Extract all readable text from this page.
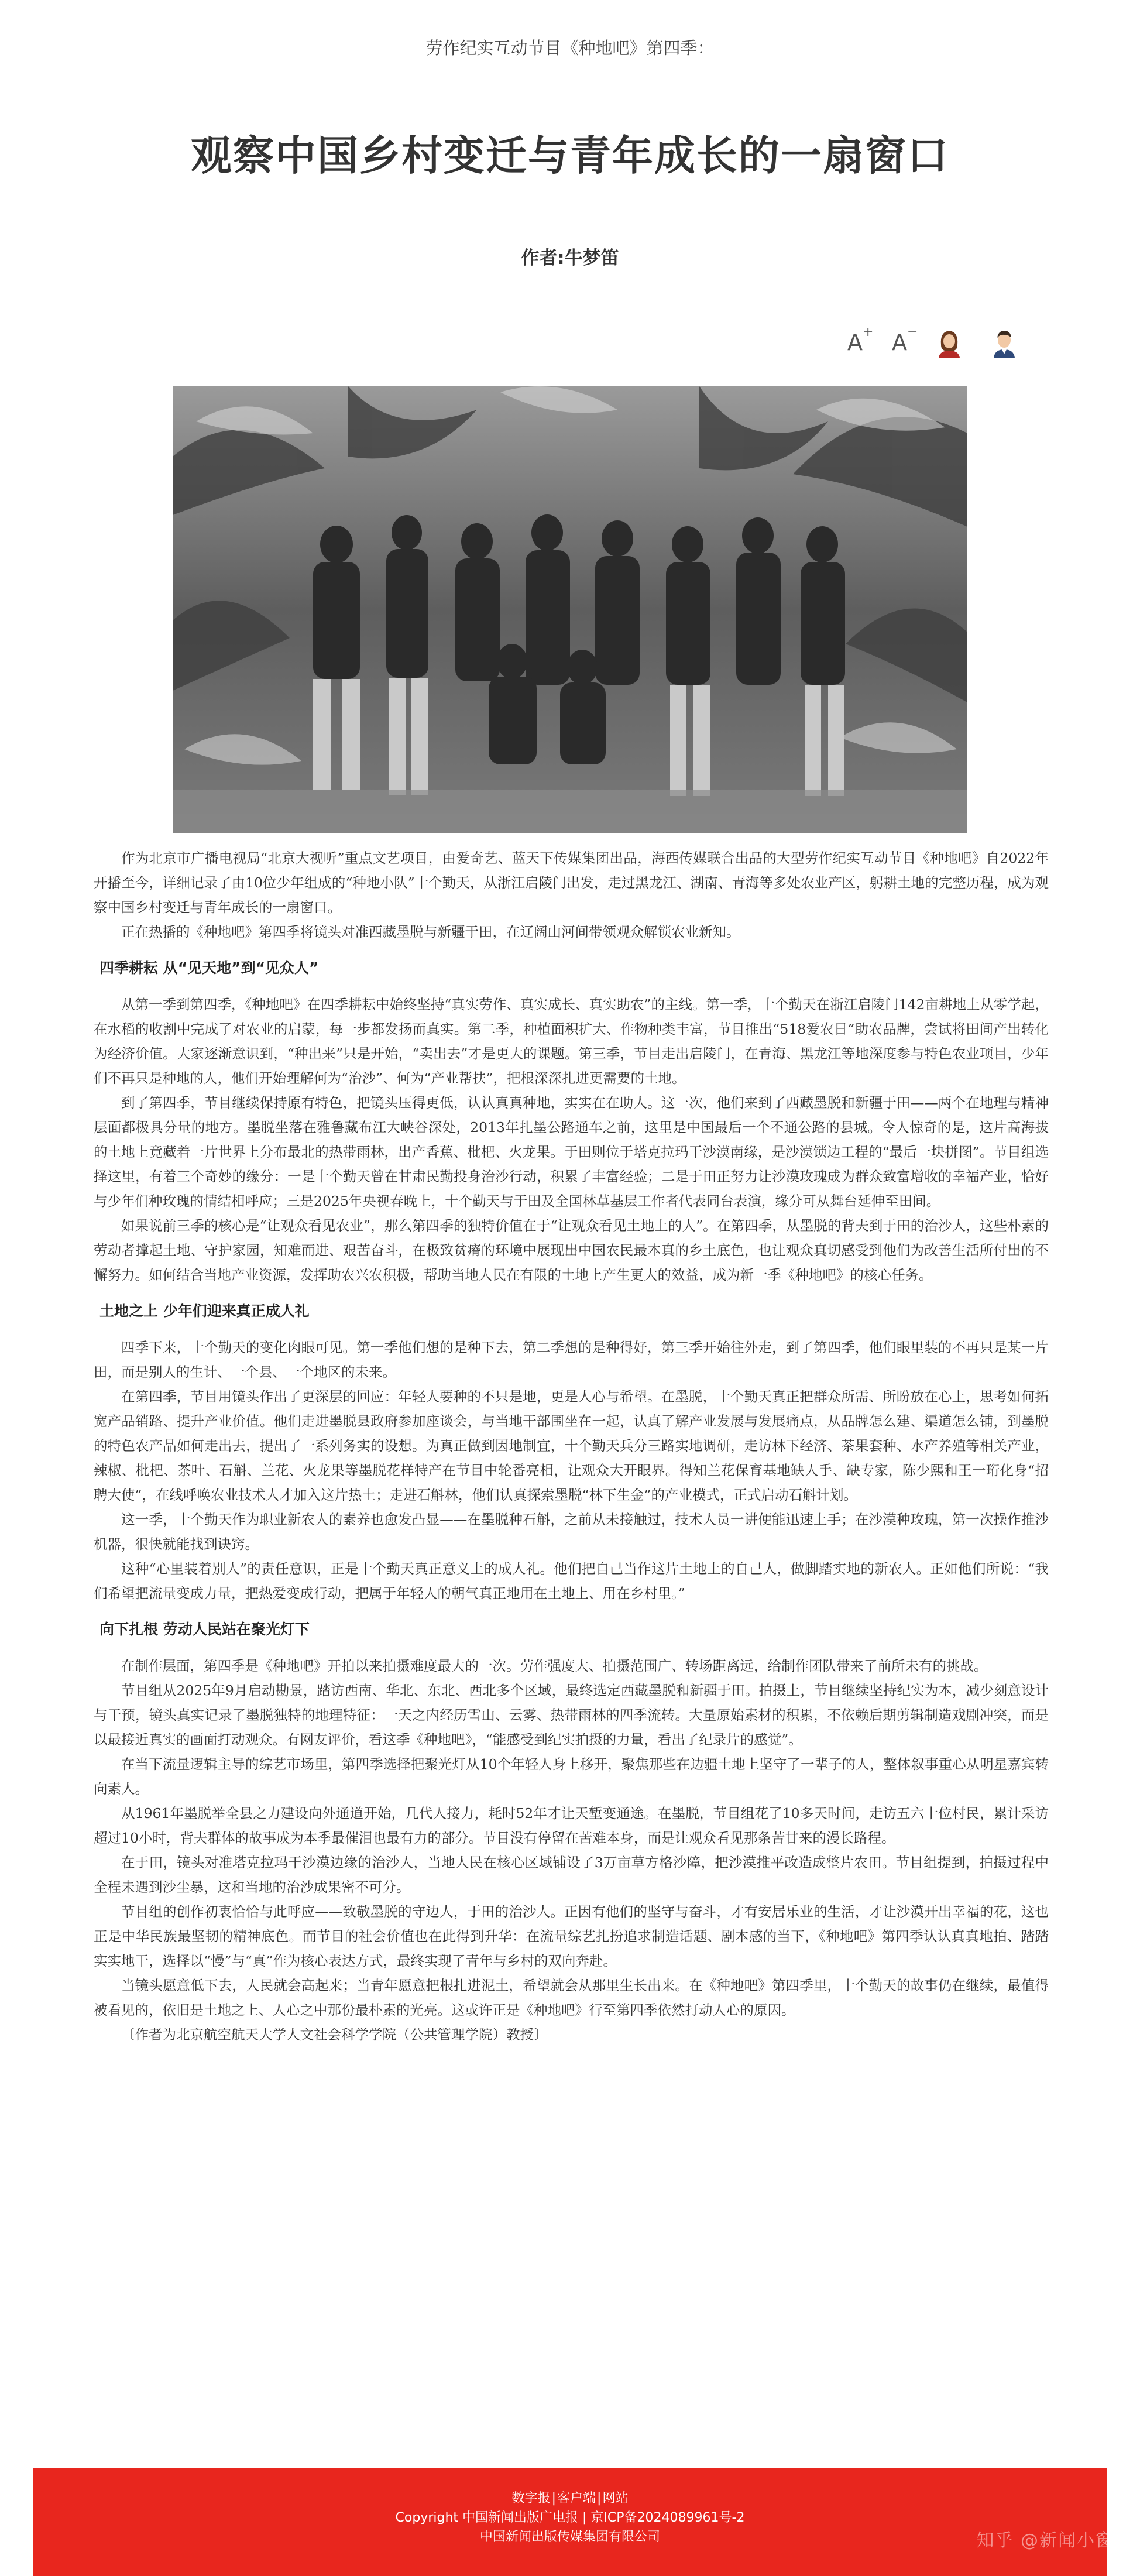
劳作纪实互动节目《种地吧》第四季：
观察中国乡村变迁与青年成长的一扇窗口
作者:牛梦笛
A + A −

作为北京市广播电视局“北京大视听”重点文艺项目，由爱奇艺、蓝天下传媒集团出品，海西传媒联合出品的大型劳作纪实互动节目《种地吧》自2022年开播至今，详细记录了由10位少年组成的“种地小队”十个勤天，从浙江启陵门出发，走过黑龙江、湖南、青海等多处农业产区，躬耕土地的完整历程，成为观察中国乡村变迁与青年成长的一扇窗口。

正在热播的《种地吧》第四季将镜头对准西藏墨脱与新疆于田，在辽阔山河间带领观众解锁农业新知。

四季耕耘 从“见天地”到“见众人”

从第一季到第四季，《种地吧》在四季耕耘中始终坚持“真实劳作、真实成长、真实助农”的主线。第一季，十个勤天在浙江启陵门142亩耕地上从零学起，在水稻的收割中完成了对农业的启蒙，每一步都发扬而真实。第二季，种植面积扩大、作物种类丰富，节目推出“518爱农日”助农品牌，尝试将田间产出转化为经济价值。大家逐渐意识到，“种出来”只是开始，“卖出去”才是更大的课题。第三季，节目走出启陵门，在青海、黑龙江等地深度参与特色农业项目，少年们不再只是种地的人，他们开始理解何为“治沙”、何为“产业帮扶”，把根深深扎进更需要的土地。

到了第四季，节目继续保持原有特色，把镜头压得更低，认认真真种地，实实在在助人。这一次，他们来到了西藏墨脱和新疆于田——两个在地理与精神层面都极具分量的地方。墨脱坐落在雅鲁藏布江大峡谷深处，2013年扎墨公路通车之前，这里是中国最后一个不通公路的县城。令人惊奇的是，这片高海拔的土地上竟藏着一片世界上分布最北的热带雨林，出产香蕉、枇杷、火龙果。于田则位于塔克拉玛干沙漠南缘，是沙漠锁边工程的“最后一块拼图”。节目组选择这里，有着三个奇妙的缘分：一是十个勤天曾在甘肃民勤投身治沙行动，积累了丰富经验；二是于田正努力让沙漠玫瑰成为群众致富增收的幸福产业，恰好与少年们种玫瑰的情结相呼应；三是2025年央视春晚上，十个勤天与于田及全国林草基层工作者代表同台表演，缘分可从舞台延伸至田间。

如果说前三季的核心是“让观众看见农业”，那么第四季的独特价值在于“让观众看见土地上的人”。在第四季，从墨脱的背夫到于田的治沙人，这些朴素的劳动者撑起土地、守护家园，知难而进、艰苦奋斗，在极致贫瘠的环境中展现出中国农民最本真的乡土底色，也让观众真切感受到他们为改善生活所付出的不懈努力。如何结合当地产业资源，发挥助农兴农积极，帮助当地人民在有限的土地上产生更大的效益，成为新一季《种地吧》的核心任务。

土地之上 少年们迎来真正成人礼

四季下来，十个勤天的变化肉眼可见。第一季他们想的是种下去，第二季想的是种得好，第三季开始往外走，到了第四季，他们眼里装的不再只是某一片田，而是别人的生计、一个县、一个地区的未来。

在第四季，节目用镜头作出了更深层的回应：年轻人要种的不只是地，更是人心与希望。在墨脱，十个勤天真正把群众所需、所盼放在心上，思考如何拓宽产品销路、提升产业价值。他们走进墨脱县政府参加座谈会，与当地干部围坐在一起，认真了解产业发展与发展痛点，从品牌怎么建、渠道怎么铺，到墨脱的特色农产品如何走出去，提出了一系列务实的设想。为真正做到因地制宜，十个勤天兵分三路实地调研，走访林下经济、茶果套种、水产养殖等相关产业，辣椒、枇杷、茶叶、石斛、兰花、火龙果等墨脱花样特产在节目中轮番亮相，让观众大开眼界。得知兰花保育基地缺人手、缺专家，陈少熙和王一珩化身“招聘大使”，在线呼唤农业技术人才加入这片热土；走进石斛林，他们认真探索墨脱“林下生金”的产业模式，正式启动石斛计划。

这一季，十个勤天作为职业新农人的素养也愈发凸显——在墨脱种石斛，之前从未接触过，技术人员一讲便能迅速上手；在沙漠种玫瑰，第一次操作推沙机器，很快就能找到诀窍。

这种“心里装着别人”的责任意识，正是十个勤天真正意义上的成人礼。他们把自己当作这片土地上的自己人，做脚踏实地的新农人。正如他们所说：“我们希望把流量变成力量，把热爱变成行动，把属于年轻人的朝气真正地用在土地上、用在乡村里。”

向下扎根 劳动人民站在聚光灯下

在制作层面，第四季是《种地吧》开拍以来拍摄难度最大的一次。劳作强度大、拍摄范围广、转场距离远，给制作团队带来了前所未有的挑战。

节目组从2025年9月启动勘景，踏访西南、华北、东北、西北多个区域，最终选定西藏墨脱和新疆于田。拍摄上，节目继续坚持纪实为本，减少刻意设计与干预，镜头真实记录了墨脱独特的地理特征：一天之内经历雪山、云雾、热带雨林的四季流转。大量原始素材的积累，不依赖后期剪辑制造戏剧冲突，而是以最接近真实的画面打动观众。有网友评价，看这季《种地吧》，“能感受到纪实拍摄的力量，看出了纪录片的感觉”。

在当下流量逻辑主导的综艺市场里，第四季选择把聚光灯从10个年轻人身上移开，聚焦那些在边疆土地上坚守了一辈子的人，整体叙事重心从明星嘉宾转向素人。

从1961年墨脱举全县之力建设向外通道开始，几代人接力，耗时52年才让天堑变通途。在墨脱，节目组花了10多天时间，走访五六十位村民，累计采访超过10小时，背夫群体的故事成为本季最催泪也最有力的部分。节目没有停留在苦难本身，而是让观众看见那条苦甘来的漫长路程。

在于田，镜头对准塔克拉玛干沙漠边缘的治沙人，当地人民在核心区域铺设了3万亩草方格沙障，把沙漠推平改造成整片农田。节目组提到，拍摄过程中全程未遇到沙尘暴，这和当地的治沙成果密不可分。

节目组的创作初衷恰恰与此呼应——致敬墨脱的守边人，于田的治沙人。正因有他们的坚守与奋斗，才有安居乐业的生活，才让沙漠开出幸福的花，这也正是中华民族最坚韧的精神底色。而节目的社会价值也在此得到升华：在流量综艺扎扮追求制造话题、剧本感的当下，《种地吧》第四季认认真真地拍、踏踏实实地干，选择以“慢”与“真”作为核心表达方式，最终实现了青年与乡村的双向奔赴。

当镜头愿意低下去，人民就会高起来；当青年愿意把根扎进泥土，希望就会从那里生长出来。在《种地吧》第四季里，十个勤天的故事仍在继续，最值得被看见的，依旧是土地之上、人心之中那份最朴素的光亮。这或许正是《种地吧》行至第四季依然打动人心的原因。

〔作者为北京航空航天大学人文社会科学学院（公共管理学院）教授〕

数字报|客户端|网站
Copyright 中国新闻出版广电报 | 京ICP备2024089961号-2
中国新闻出版传媒集团有限公司	知乎 @新闻小窗口
